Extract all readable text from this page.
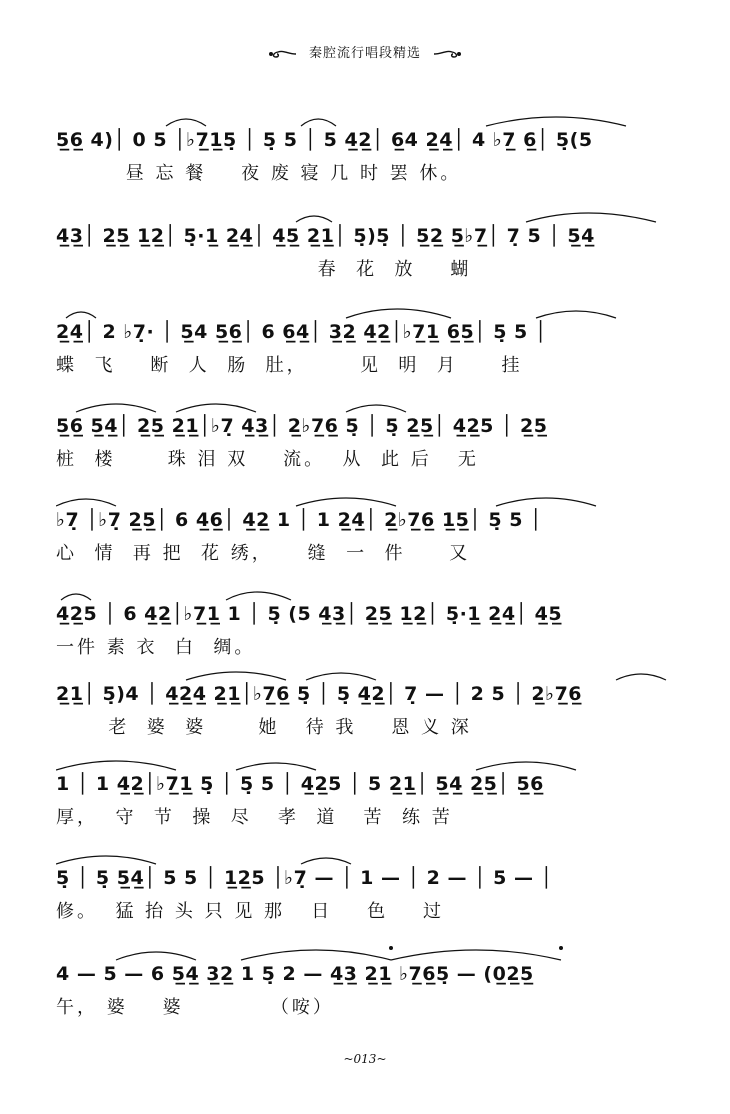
秦腔流行唱段精选
5̲6̲ 4)│ 0 5 │♭7̲1̲5̣ │ 5̣ 5 │ 5 4̲2̲│ 6̲4 2̲4̲│ 4 ♭7̲ 6̲│ 5̣(5
昼 忘 餐    夜 废 寝 几 时 罢 休。
4̲3̲│ 2̲5̲ 1̲2̲│ 5̣·1̲ 2̲4̲│ 4̲5̲ 2̲1̲│ 5̣)5̣ │ 5̲2̲ 5̲♭7̲│ 7̣ 5 │ 5̲4̲
春  花  放    蝴
2̲4̲│ 2 ♭7̣· │ 5̲4 5̲6̲│ 6 6̲4̲│ 3̲2̲ 4̲2̲│♭7̲1̲ 6̲5̲│ 5̣ 5 │
蝶  飞    断  人  肠  肚，      见  明  月     挂
5̲6̲ 5̲4̲│ 2̲5̲ 2̲1̲│♭7̣ 4̲3̲│ 2̲♭7̲6̲ 5̣ │ 5̣ 2̲5̲│ 4̲2̲5 │ 2̲5̲
桩  楼      珠 泪 双    流。  从  此 后   无
♭7̣ │♭7̣ 2̲5̲│ 6 4̲6̲│ 4̲2̲ 1 │ 1 2̲4̲│ 2̲♭7̲6̲ 1̲5̲│ 5̣ 5 │
心  情  再 把  花 绣，    缝  一  件     又
4̲2̲5 │ 6 4̲2̲│♭7̲1̲ 1 │ 5̣ (5 4̲3̲│ 2̲5̲ 1̲2̲│ 5̣·1̲ 2̲4̲│ 4̲5̲
一件 素 衣  白  绸。
2̲1̲│ 5̣)4 │ 4̲2̲4̲ 2̲1̲│♭7̲6̲ 5̣ │ 5̣ 4̲2̲│ 7̣ — │ 2 5 │ 2̲♭7̲6̲
老  婆  婆      她   待 我    恩 义 深
1 │ 1 4̲2̲│♭7̲1̲ 5̣ │ 5̣ 5 │ 4̲2̲5 │ 5 2̲1̲│ 5̲4̲ 2̲5̲│ 5̲6̲
厚，  守  节  操  尽   孝  道   苦  练 苦
5̣ │ 5̣ 5̲4̲│ 5 5 │ 1̲2̲5 │♭7̣ — │ 1 — │ 2 — │ 5 — │
修。  猛 抬 头 只 见 那   日    色    过
4 — 5 — 6 5̲4̲ 3̲2̲ 1 5̣ 2 — 4̲3̲ 2̲1̲ ♭7̲6̲5̣ — (0̲2̲5̲
午， 婆    婆          （咹）
~013~
